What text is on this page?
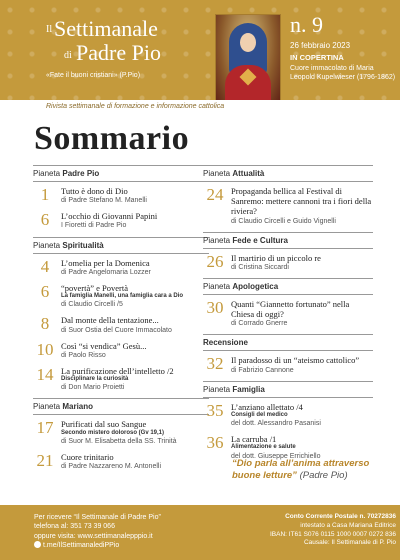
Il Settimanale
di Padre Pio
«Fate il buoni cristiani» (P.Pio)
n. 9
26 febbraio 2023
IN COPERTINA
Cuore immacolato di Maria Leopold Kupelwieser (1796-1862)
Rivista settimanale di formazione e informazione cattolica
Sommario
Pianeta Padre Pio
1	Tutto è dono di Dio
di Padre Stefano M. Manelli
6	L’occhio di Giovanni Papini
I Fioretti di Padre Pio
Pianeta Spiritualità
4	L’omelia per la Domenica
di Padre Angelomaria Lozzer
6	“povertà” e Povertà
La famiglia Manelli, una famiglia cara a Dio
di Claudio Circelli /5
8	Dal monte della tentazione...
di Suor Ostia del Cuore Immacolato
10 Così “si vendica” Gesù...
di Paolo Risso
14 La purificazione dell’intelletto /2
Disciplinare la curiosità
di Don Mario Proietti
Pianeta Mariano
17 Purificati dal suo Sangue
Secondo mistero doloroso (Gv 19,1)
di Suor M. Elisabetta della SS. Trinità
21 Cuore trinitario
di Padre Nazzareno M. Antonelli
Pianeta Attualità
24 Propaganda bellica al Festival di Sanremo: mettere cannoni tra i fiori della riviera?
di Claudio Circelli e Guido Vignelli
Pianeta Fede e Cultura
26 Il martirio di un piccolo re
di Cristina Siccardi
Pianeta Apologetica
30 Quanti “Giannetto fortunato” nella Chiesa di oggi?
di Corrado Gnerre
Recensione
32 Il paradosso di un “ateismo cattolico”
di Fabrizio Cannone
Pianeta Famiglia
35 L’anziano allettato /4
Consigli del medico
del dott. Alessandro Pasanisi
36 La carruba /1
Alimentazione e salute
del dott. Giuseppe Errichiello
“Dio parla all’anima attraverso buone letture” (Padre Pio)
Per ricevere “Il Settimanale di Padre Pio”
telefona al: 351 73 39 066
oppure visita: www.settimanalepppio.it
t.me/IlSettimanalediPPio
Conto Corrente Postale n. 70272836
intestato a Casa Mariana Editrice
IBAN: IT61 S076 0115 1000 0007 0272 836
Causale: Il Settimanale di P. Pio
